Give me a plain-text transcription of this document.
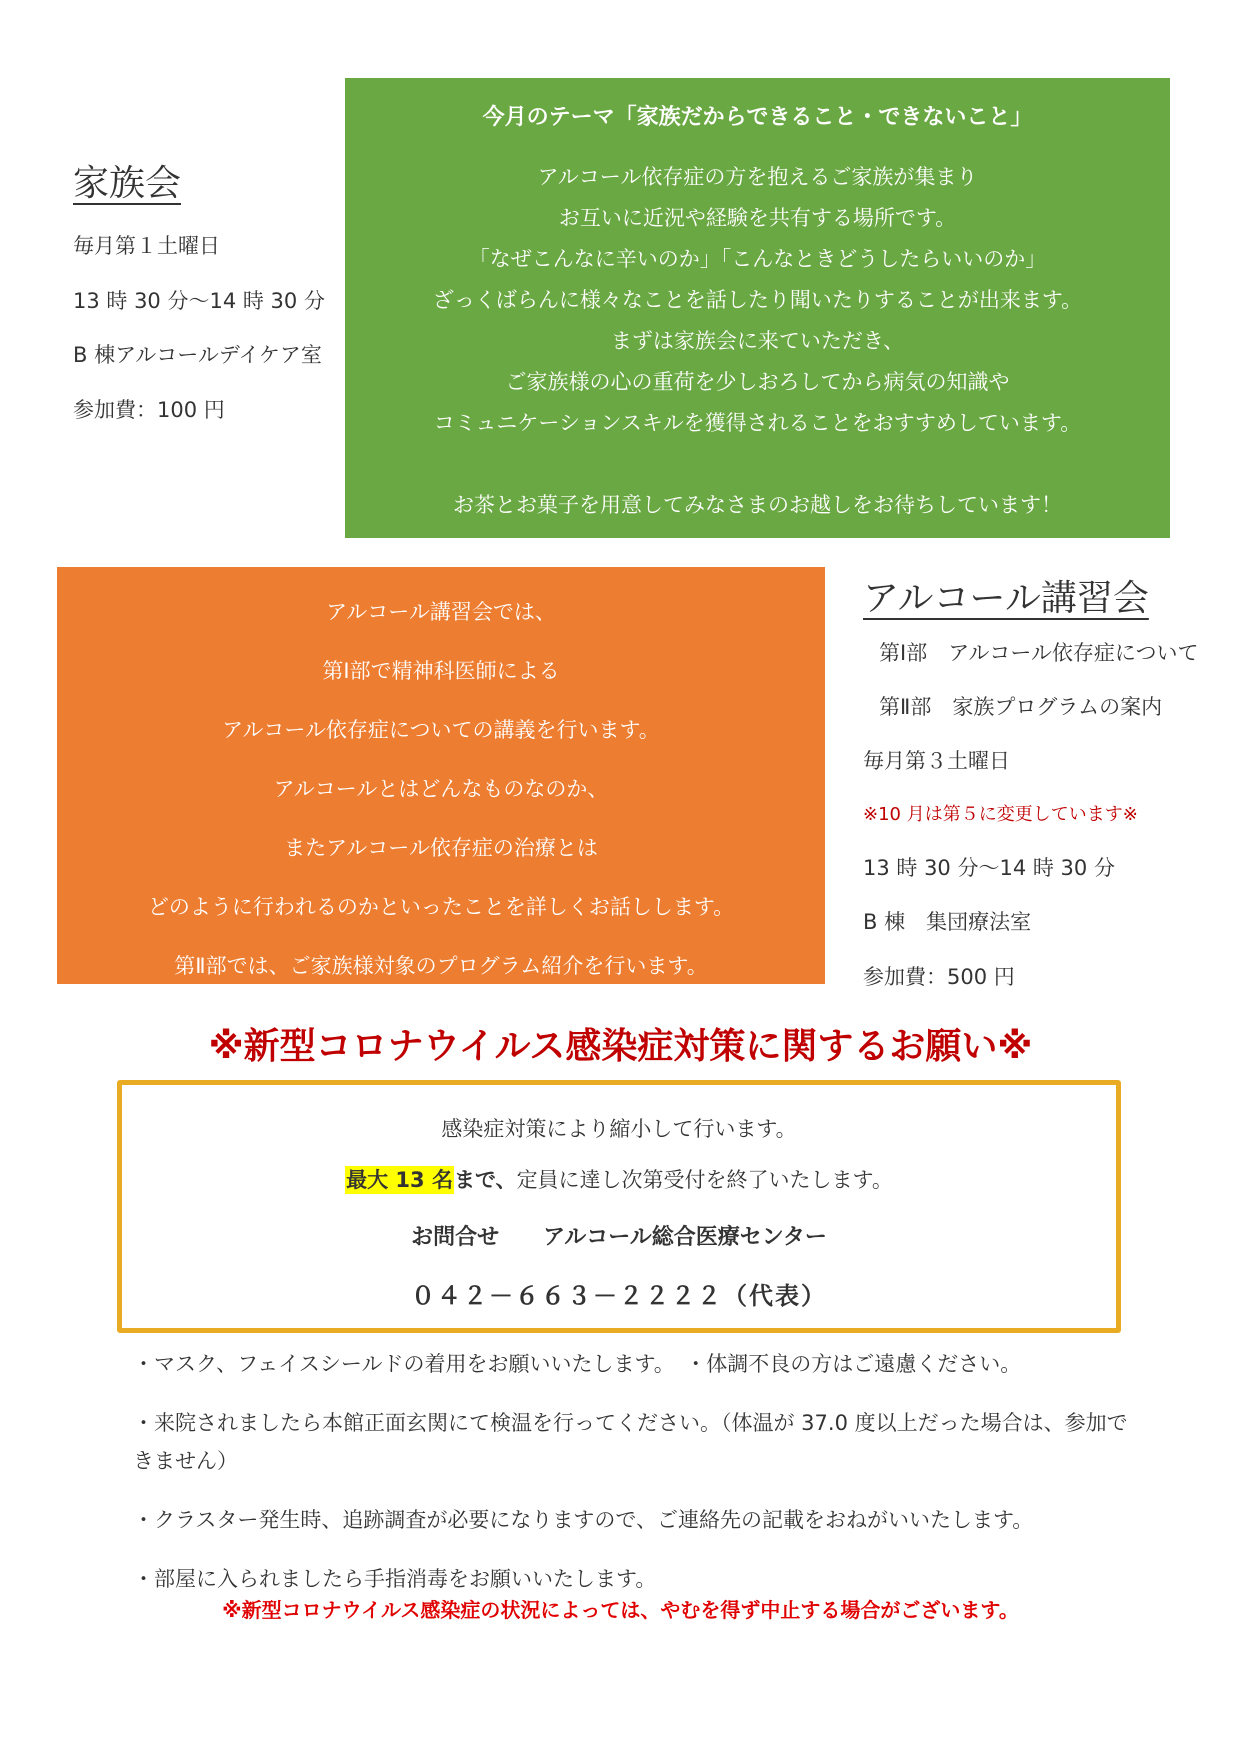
家族会
毎月第１土曜日
13 時 30 分～14 時 30 分
B 棟アルコールデイケア室
参加費：100 円
今月のテーマ「家族だからできること・できないこと」
アルコール依存症の方を抱えるご家族が集まり
お互いに近況や経験を共有する場所です。
「なぜこんなに辛いのか」「こんなときどうしたらいいのか」
ざっくばらんに様々なことを話したり聞いたりすることが出来ます。
まずは家族会に来ていただき、
ご家族様の心の重荷を少しおろしてから病気の知識や
コミュニケーションスキルを獲得されることをおすすめしています。
お茶とお菓子を用意してみなさまのお越しをお待ちしています！
アルコール講習会では、
第Ⅰ部で精神科医師による
アルコール依存症についての講義を行います。
アルコールとはどんなものなのか、
またアルコール依存症の治療とは
どのように行われるのかといったことを詳しくお話しします。
第Ⅱ部では、ご家族様対象のプログラム紹介を行います。
アルコール講習会
第Ⅰ部　アルコール依存症について
第Ⅱ部　家族プログラムの案内
毎月第３土曜日
※10 月は第５に変更しています※
13 時 30 分～14 時 30 分
B 棟　集団療法室
参加費：500 円
※新型コロナウイルス感染症対策に関するお願い※
感染症対策により縮小して行います。
最大 13 名まで、定員に達し次第受付を終了いたします。
お問合せ　　アルコール総合医療センター
０４２－６６３－２２２２（代表）
・マスク、フェイスシールドの着用をお願いいたします。　・体調不良の方はご遠慮ください。
・来院されましたら本館正面玄関にて検温を行ってください。（体温が 37.0 度以上だった場合は、参加できません）
・クラスター発生時、追跡調査が必要になりますので、ご連絡先の記載をおねがいいたします。
・部屋に入られましたら手指消毒をお願いいたします。
※新型コロナウイルス感染症の状況によっては、やむを得ず中止する場合がございます。
